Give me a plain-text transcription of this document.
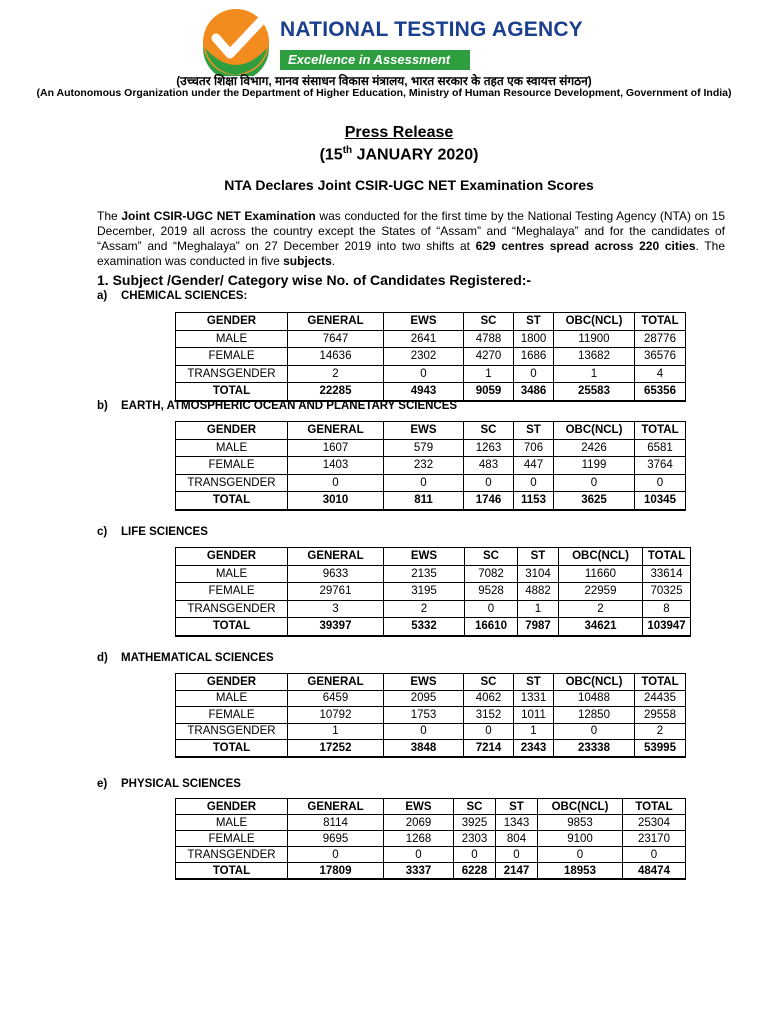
NATIONAL TESTING AGENCY
Excellence in Assessment
(उच्चतर शिक्षा विभाग, मानव संसाधन विकास मंत्रालय, भारत सरकार के तहत एक स्वायत्त संगठन)
(An Autonomous Organization under the Department of Higher Education, Ministry of Human Resource Development, Government of India)
Press Release
(15th JANUARY 2020)
NTA Declares Joint CSIR-UGC NET Examination Scores
The Joint CSIR-UGC NET Examination was conducted for the first time by the National Testing Agency (NTA) on 15 December, 2019 all across the country except the States of “Assam” and “Meghalaya” and for the candidates of “Assam” and “Meghalaya” on 27 December 2019 into two shifts at 629 centres spread across 220 cities. The examination was conducted in five subjects.
1. Subject /Gender/ Category wise No. of Candidates Registered:-
a) CHEMICAL SCIENCES:
GENDER	GENERAL	EWS	SC	ST	OBC(NCL)	TOTAL
MALE	7647	2641	4788	1800	11900	28776
FEMALE	14636	2302	4270	1686	13682	36576
TRANSGENDER	2	0	1	0	1	4
TOTAL	22285	4943	9059	3486	25583	65356
b) EARTH, ATMOSPHERIC OCEAN AND PLANETARY SCIENCES
GENDER	GENERAL	EWS	SC	ST	OBC(NCL)	TOTAL
MALE	1607	579	1263	706	2426	6581
FEMALE	1403	232	483	447	1199	3764
TRANSGENDER	0	0	0	0	0	0
TOTAL	3010	811	1746	1153	3625	10345
c) LIFE SCIENCES
GENDER	GENERAL	EWS	SC	ST	OBC(NCL)	TOTAL
MALE	9633	2135	7082	3104	11660	33614
FEMALE	29761	3195	9528	4882	22959	70325
TRANSGENDER	3	2	0	1	2	8
TOTAL	39397	5332	16610	7987	34621	103947
d) MATHEMATICAL SCIENCES
GENDER	GENERAL	EWS	SC	ST	OBC(NCL)	TOTAL
MALE	6459	2095	4062	1331	10488	24435
FEMALE	10792	1753	3152	1011	12850	29558
TRANSGENDER	1	0	0	1	0	2
TOTAL	17252	3848	7214	2343	23338	53995
e) PHYSICAL SCIENCES
GENDER	GENERAL	EWS	SC	ST	OBC(NCL)	TOTAL
MALE	8114	2069	3925	1343	9853	25304
FEMALE	9695	1268	2303	804	9100	23170
TRANSGENDER	0	0	0	0	0	0
TOTAL	17809	3337	6228	2147	18953	48474
